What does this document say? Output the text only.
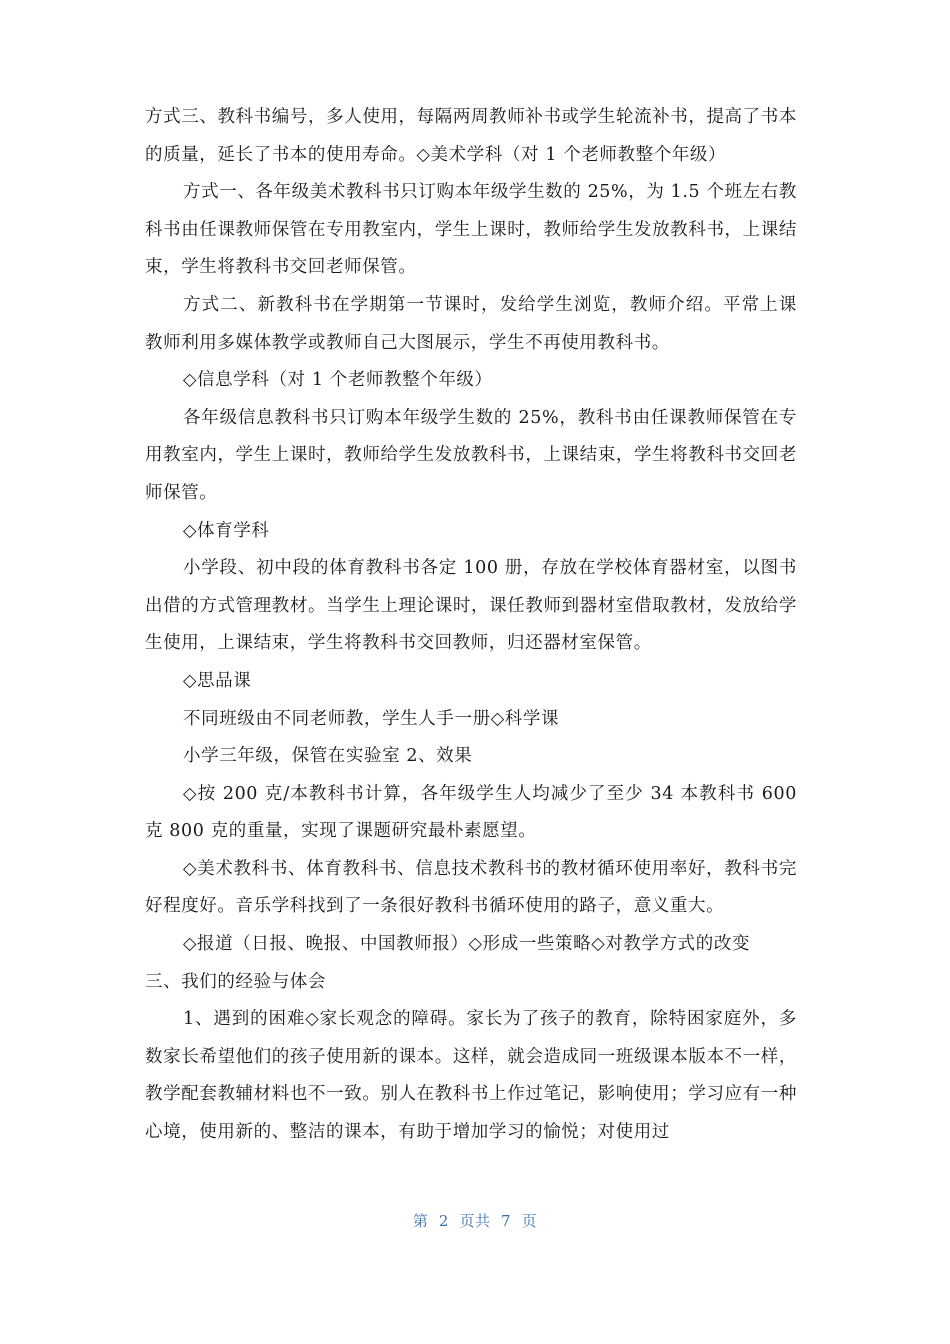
方式三、教科书编号，多人使用，每隔两周教师补书或学生轮流补书，提高了书本的质量，延长了书本的使用寿命。◇美术学科（对 1 个老师教整个年级）

方式一、各年级美术教科书只订购本年级学生数的 25%，为 1.5 个班左右教科书由任课教师保管在专用教室内，学生上课时，教师给学生发放教科书，上课结束，学生将教科书交回老师保管。

方式二、新教科书在学期第一节课时，发给学生浏览，教师介绍。平常上课教师利用多媒体教学或教师自己大图展示，学生不再使用教科书。

◇信息学科（对 1 个老师教整个年级）

各年级信息教科书只订购本年级学生数的 25%，教科书由任课教师保管在专用教室内，学生上课时，教师给学生发放教科书，上课结束，学生将教科书交回老师保管。

◇体育学科

小学段、初中段的体育教科书各定 100 册，存放在学校体育器材室，以图书出借的方式管理教材。当学生上理论课时，课任教师到器材室借取教材，发放给学生使用，上课结束，学生将教科书交回教师，归还器材室保管。

◇思品课

不同班级由不同老师教，学生人手一册◇科学课

小学三年级，保管在实验室 2、效果

◇按 200 克/本教科书计算，各年级学生人均减少了至少 34 本教科书 600 克 800 克的重量，实现了课题研究最朴素愿望。

◇美术教科书、体育教科书、信息技术教科书的教材循环使用率好，教科书完好程度好。音乐学科找到了一条很好教科书循环使用的路子，意义重大。

◇报道（日报、晚报、中国教师报）◇形成一些策略◇对教学方式的改变

三、我们的经验与体会

1、遇到的困难◇家长观念的障碍。家长为了孩子的教育，除特困家庭外，多数家长希望他们的孩子使用新的课本。这样，就会造成同一班级课本版本不一样，教学配套教辅材料也不一致。别人在教科书上作过笔记，影响使用；学习应有一种心境，使用新的、整洁的课本，有助于增加学习的愉悦；对使用过

第 2 页共 7 页
